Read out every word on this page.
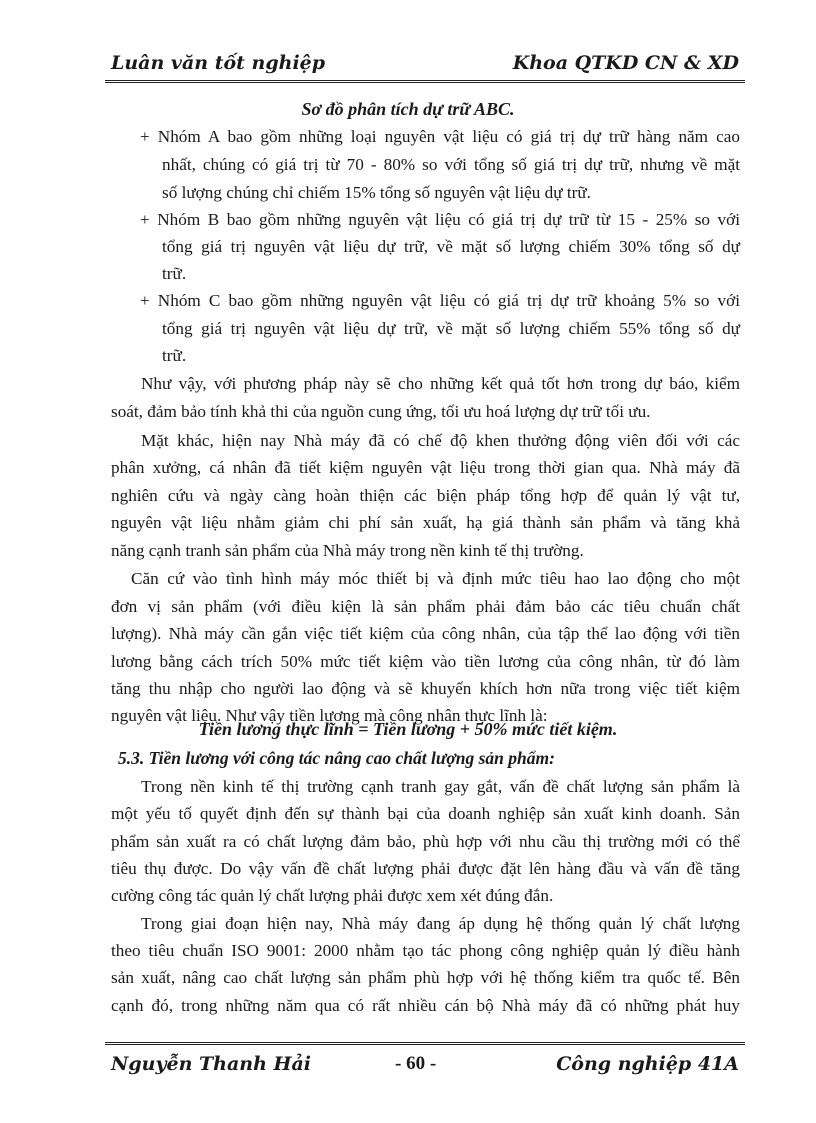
Luân văn tốt nghiệp	Khoa QTKD CN & XD
Sơ đồ phân tích dự trữ ABC.
+ Nhóm A bao gồm những loại nguyên vật liệu có giá trị dự trữ hàng năm cao
nhất, chúng có giá trị từ 70 - 80% so với tổng số giá trị dự trữ, nhưng về mặt
số lượng chúng chỉ chiếm 15% tổng số nguyên vật liệu dự trữ.
+ Nhóm B bao gồm những nguyên vật liệu có giá trị dự trữ từ 15 - 25% so với
tổng giá trị nguyên vật liệu dự trữ, về mặt số lượng chiếm 30% tổng số dự
trữ.
+ Nhóm C bao gồm những nguyên vật liệu có giá trị dự trữ khoảng 5% so với
tổng giá trị nguyên vật liệu dự trữ, về mặt số lượng chiếm 55% tổng số dự
trữ.
Như vậy, với phương pháp này sẽ cho những kết quả tốt hơn trong dự báo, kiểm
soát, đảm bảo tính khả thi của nguồn cung ứng, tối ưu hoá lượng dự trữ tối ưu.
Mặt khác, hiện nay Nhà máy đã có chế độ khen thưởng động viên đối với các
phân xưởng, cá nhân đã tiết kiệm nguyên vật liệu trong thời gian qua. Nhà máy đã
nghiên cứu và ngày càng hoàn thiện các biện pháp tổng hợp để quản lý vật tư,
nguyên vật liệu nhằm giảm chi phí sản xuất, hạ giá thành sản phẩm và tăng khả
năng cạnh tranh sản phẩm của Nhà máy trong nền kinh tế thị trường.
Căn cứ vào tình hình máy móc thiết bị và định mức tiêu hao lao động cho một
đơn vị sản phẩm (với điều kiện là sản phẩm phải đảm bảo các tiêu chuẩn chất
lượng). Nhà máy cần gắn việc tiết kiệm của công nhân, của tập thể lao động với tiền
lương bằng cách trích 50% mức tiết kiệm vào tiền lương của công nhân, từ đó làm
tăng thu nhập cho người lao động và sẽ khuyến khích hơn nữa trong việc tiết kiệm
nguyên vật liệu. Như vậy tiền lương mà công nhân thực lĩnh là:
Trong nền kinh tế thị trường cạnh tranh gay gắt, vấn đề chất lượng sản phẩm là
một yếu tố quyết định đến sự thành bại của doanh nghiệp sản xuất kinh doanh. Sản
phẩm sản xuất ra có chất lượng đảm bảo, phù hợp với nhu cầu thị trường mới có thể
tiêu thụ được. Do vậy vấn đề chất lượng phải được đặt lên hàng đầu và vấn đề tăng
cường công tác quản lý chất lượng phải được xem xét đúng đắn.
Trong giai đoạn hiện nay, Nhà máy đang áp dụng hệ thống quản lý chất lượng
theo tiêu chuẩn ISO 9001: 2000 nhằm tạo tác phong công nghiệp quản lý điều hành
sản xuất, nâng cao chất lượng sản phẩm phù hợp với hệ thống kiểm tra quốc tế. Bên
cạnh đó, trong những năm qua có rất nhiều cán bộ Nhà máy đã có những phát huy
Tiền lương thực lĩnh = Tiền lương + 50% mức tiết kiệm.
5.3. Tiền lương với công tác nâng cao chất lượng sản phẩm:
Nguyễn Thanh Hải	- 60 -	Công nghiệp 41A
